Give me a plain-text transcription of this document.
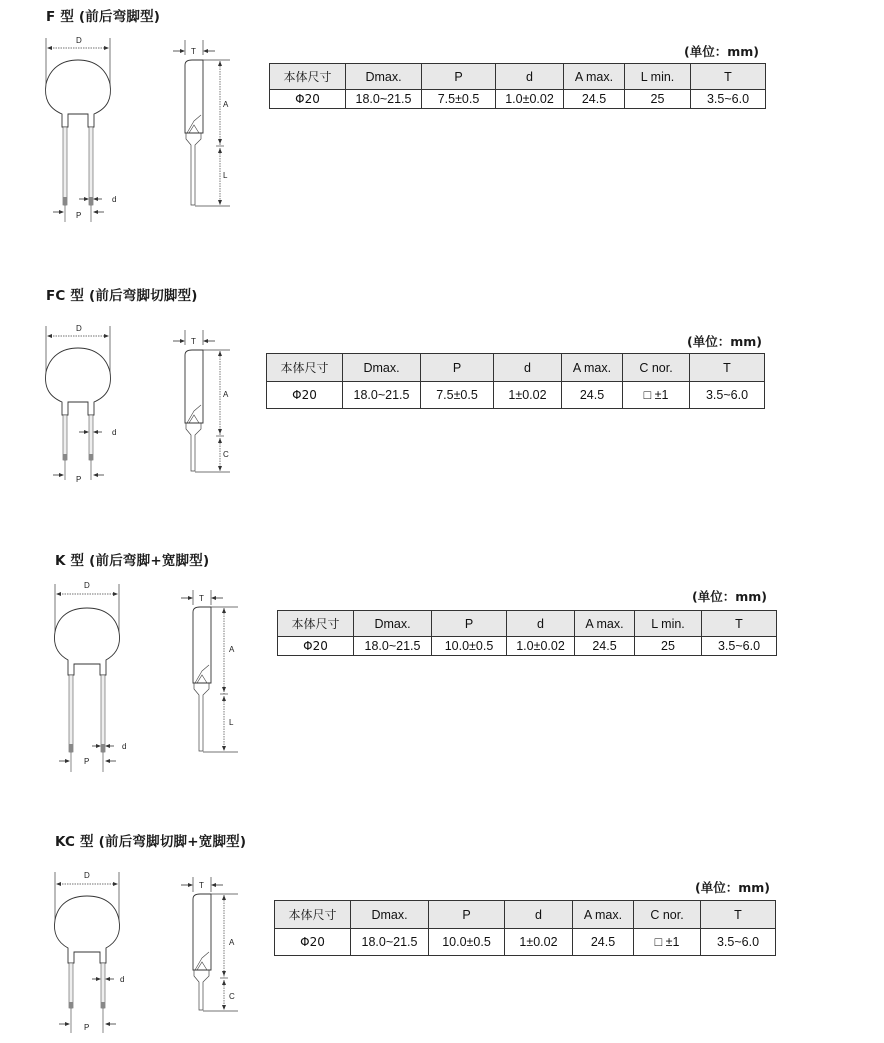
F 型 (前后弯脚型)
D
P
d
T
A
L
(单位：mm)
本体尺寸	Dmax.	P	d	A max.	L min.	T
Φ20	18.0~21.5	7.5±0.5	1.0±0.02	24.5	25	3.5~6.0
FC 型 (前后弯脚切脚型)
D
P
d
T
A
C
(单位：mm)
本体尺寸	Dmax.	P	d	A max.	C nor.	T
Φ20	18.0~21.5	7.5±0.5	1±0.02	24.5	□ ±1	3.5~6.0
K 型 (前后弯脚+宽脚型)
D
P
d
T
A
L
(单位：mm)
本体尺寸	Dmax.	P	d	A max.	L min.	T
Φ20	18.0~21.5	10.0±0.5	1.0±0.02	24.5	25	3.5~6.0
KC 型 (前后弯脚切脚+宽脚型)
D
P
d
T
A
C
(单位：mm)
本体尺寸	Dmax.	P	d	A max.	C nor.	T
Φ20	18.0~21.5	10.0±0.5	1±0.02	24.5	□ ±1	3.5~6.0
